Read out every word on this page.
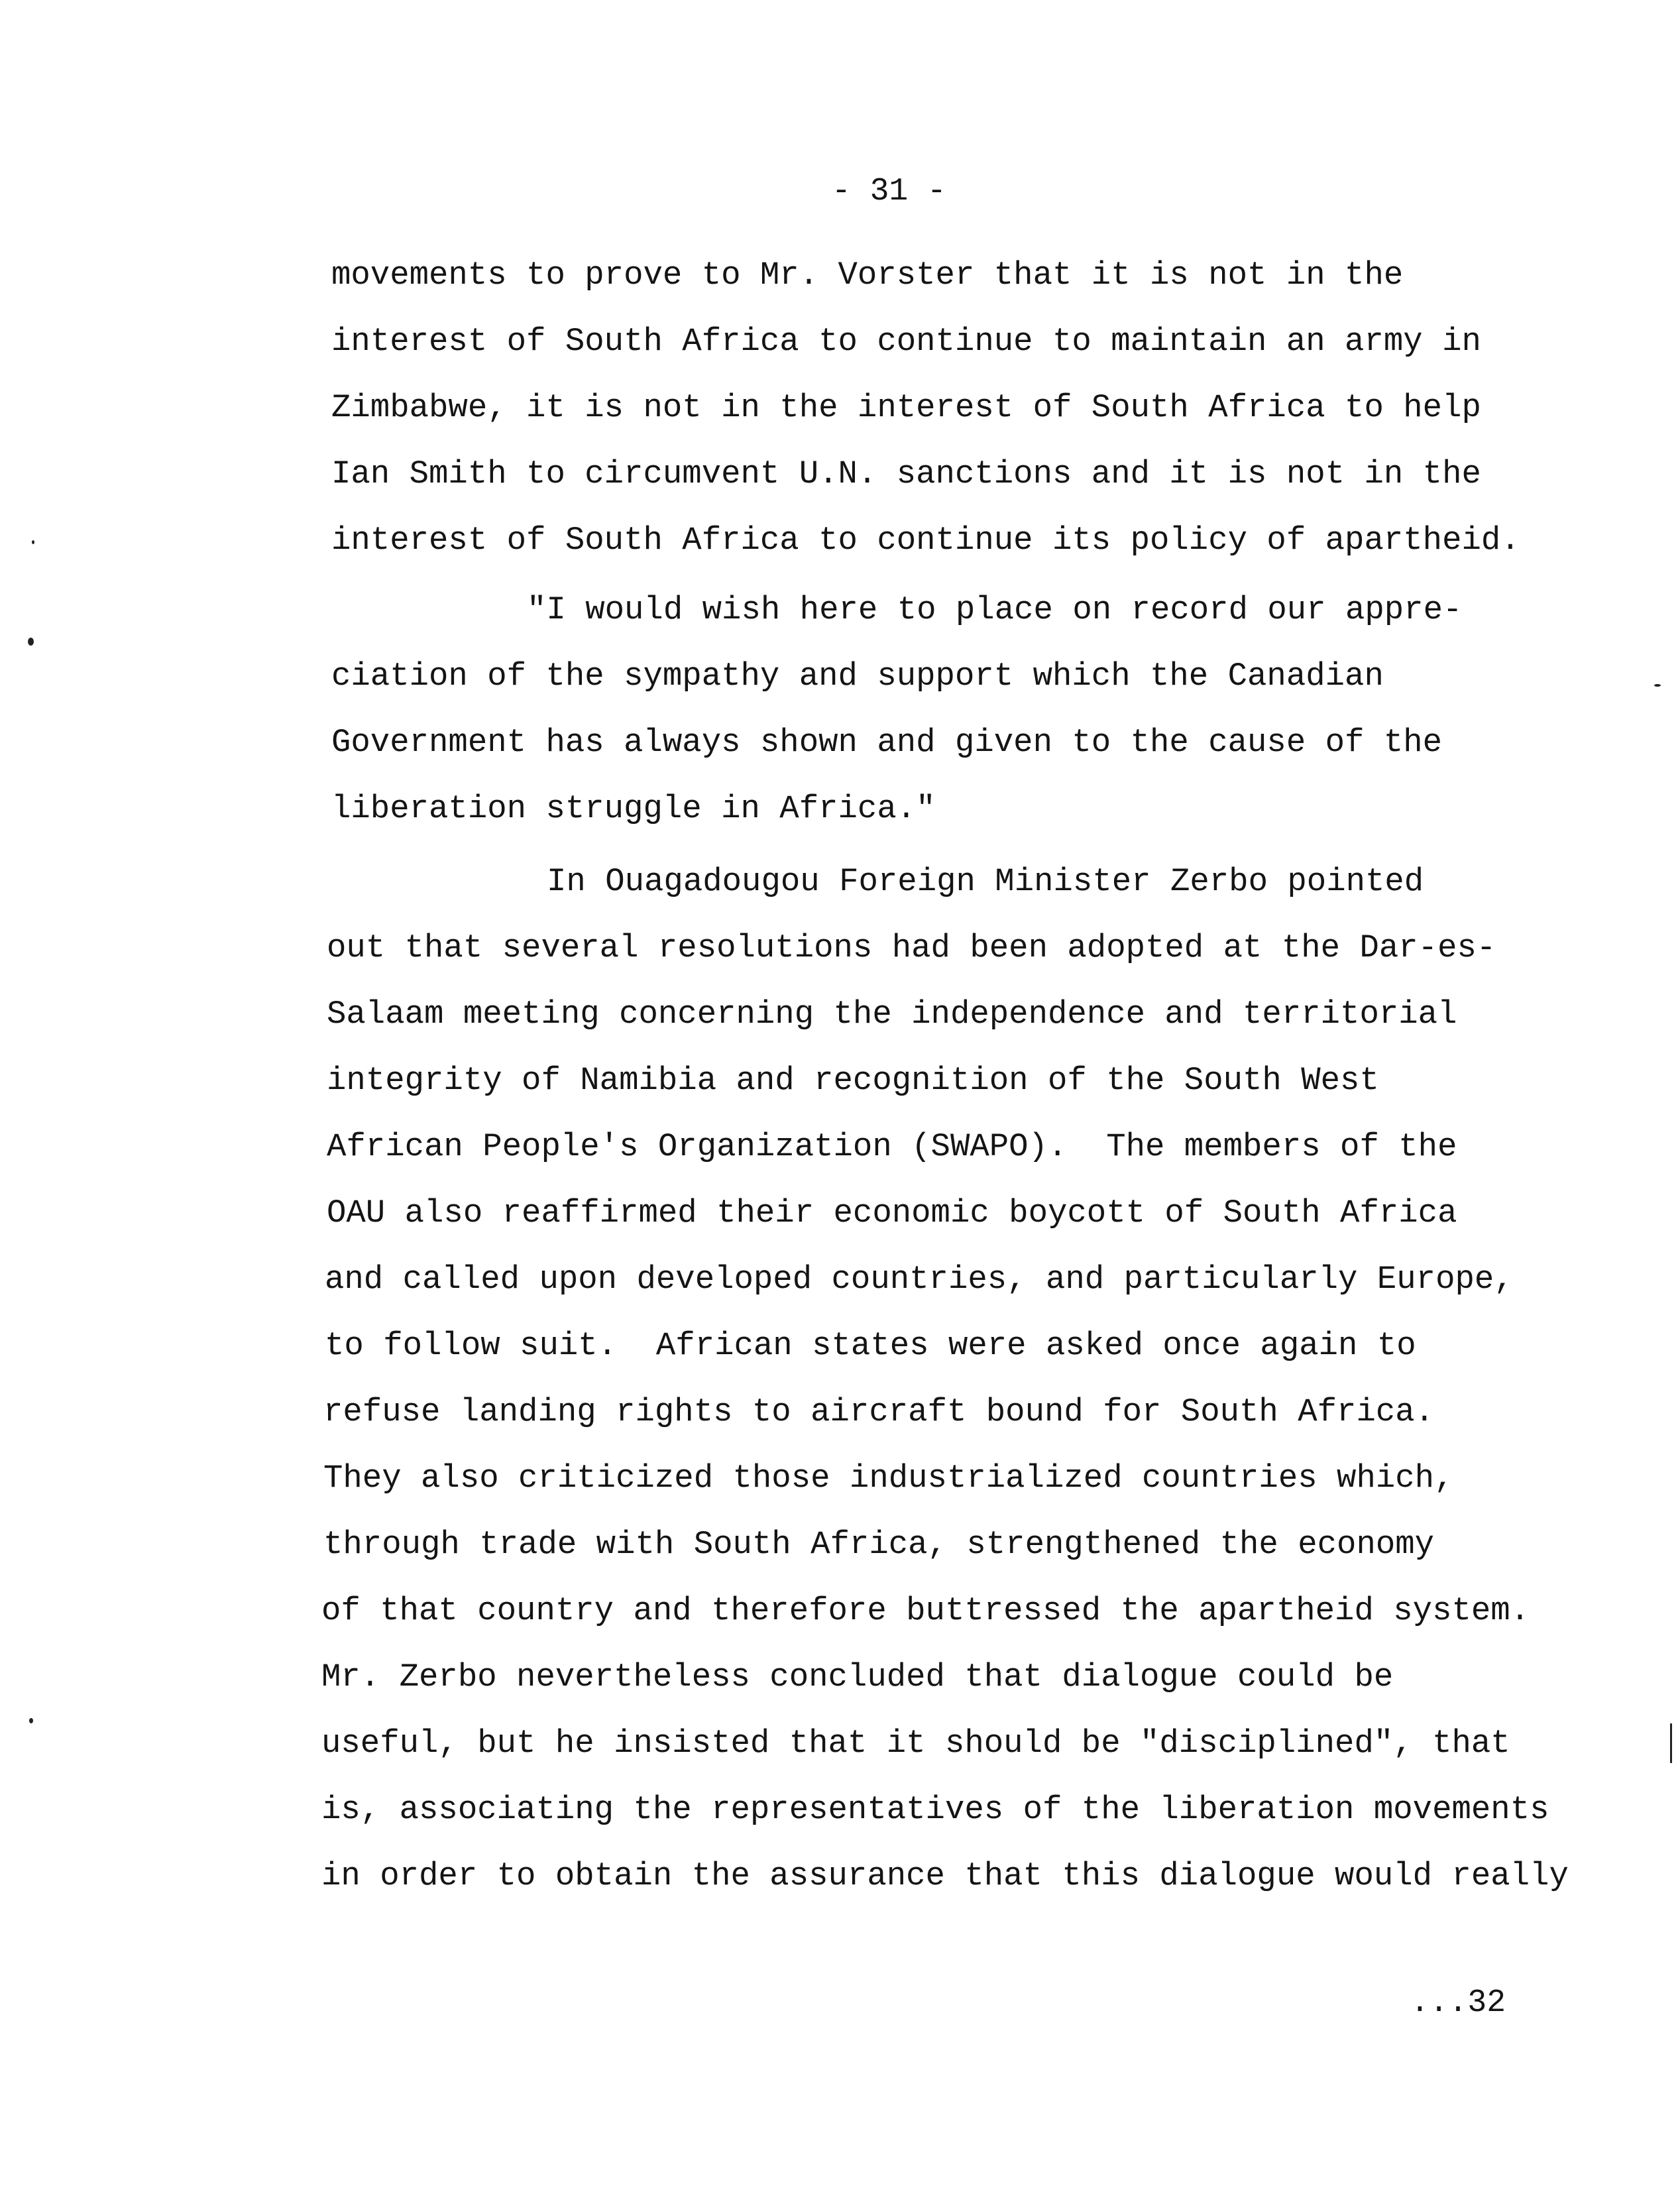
- 31 -
movements to prove to Mr. Vorster that it is not in the
interest of South Africa to continue to maintain an army in
Zimbabwe, it is not in the interest of South Africa to help
Ian Smith to circumvent U.N. sanctions and it is not in the
interest of South Africa to continue its policy of apartheid.
"I would wish here to place on record our appre-
ciation of the sympathy and support which the Canadian
Government has always shown and given to the cause of the
liberation struggle in Africa."
In Ouagadougou Foreign Minister Zerbo pointed
out that several resolutions had been adopted at the Dar-es-
Salaam meeting concerning the independence and territorial
integrity of Namibia and recognition of the South West
African People's Organization (SWAPO).  The members of the
OAU also reaffirmed their economic boycott of South Africa
and called upon developed countries, and particularly Europe,
to follow suit.  African states were asked once again to
refuse landing rights to aircraft bound for South Africa.
They also criticized those industrialized countries which,
through trade with South Africa, strengthened the economy
of that country and therefore buttressed the apartheid system.
Mr. Zerbo nevertheless concluded that dialogue could be
useful, but he insisted that it should be "disciplined", that
is, associating the representatives of the liberation movements
in order to obtain the assurance that this dialogue would really
...32
